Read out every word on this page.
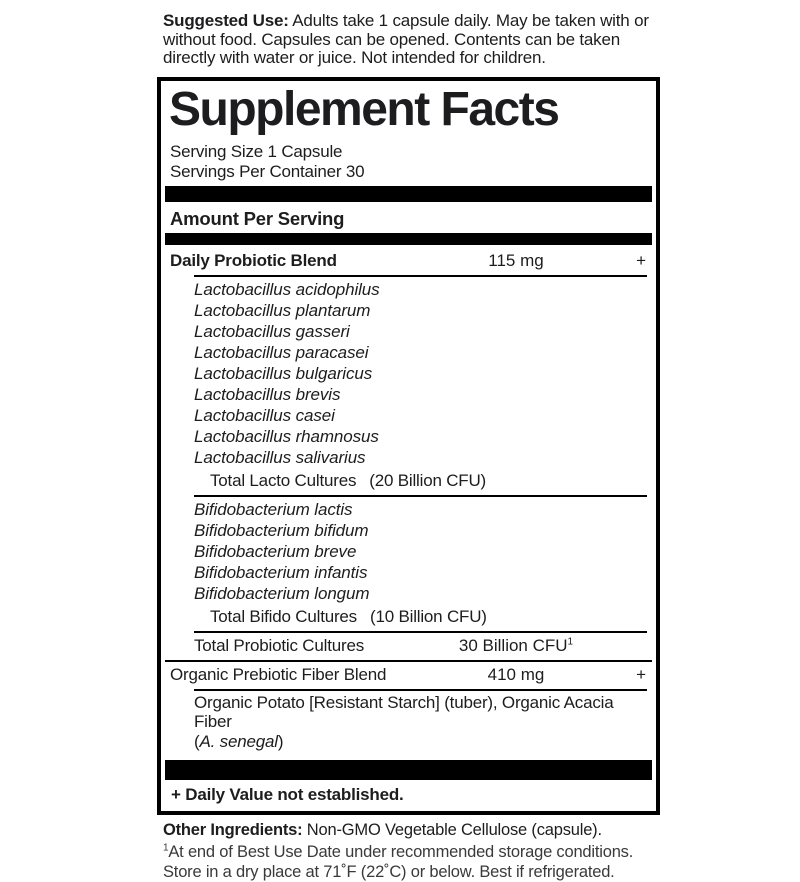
Suggested Use: Adults take 1 capsule daily. May be taken with or without food. Capsules can be opened. Contents can be taken directly with water or juice. Not intended for children.

Supplement Facts
Serving Size 1 Capsule
Servings Per Container 30
Amount Per Serving
Daily Probiotic Blend	115 mg	+
Lactobacillus acidophilus
Lactobacillus plantarum
Lactobacillus gasseri
Lactobacillus paracasei
Lactobacillus bulgaricus
Lactobacillus brevis
Lactobacillus casei
Lactobacillus rhamnosus
Lactobacillus salivarius
Total Lacto Cultures (20 Billion CFU)
Bifidobacterium lactis
Bifidobacterium bifidum
Bifidobacterium breve
Bifidobacterium infantis
Bifidobacterium longum
Total Bifido Cultures (10 Billion CFU)
Total Probiotic Cultures	30 Billion CFU$^1$
Organic Prebiotic Fiber Blend	410 mg	+
Organic Potato [Resistant Starch] (tuber), Organic Acacia Fiber
(A. senegal)
+ Daily Value not established.

Other Ingredients: Non-GMO Vegetable Cellulose (capsule).

$^1$At end of Best Use Date under recommended storage conditions.
Store in a dry place at 71˚F (22˚C) or below. Best if refrigerated.
